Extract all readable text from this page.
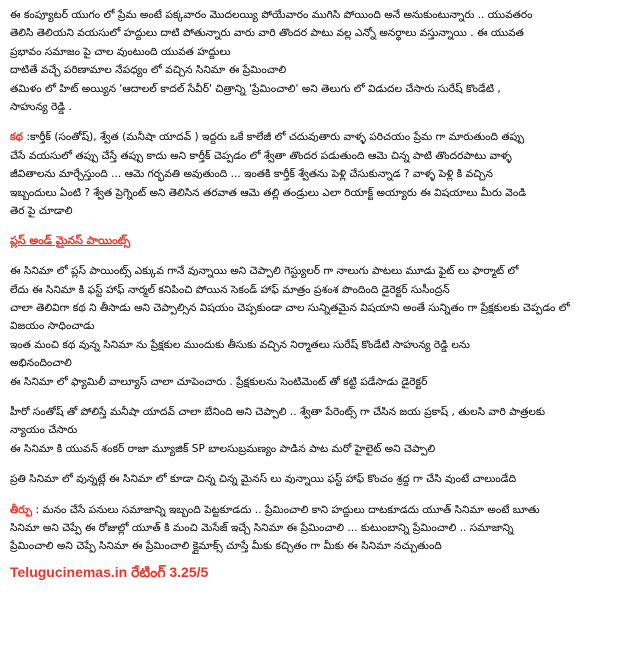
ఈ కంప్యూటర్ యుగం లో ప్రేమ అంటే పక్కవారం మొదలయ్యి పోయేవారం ముగిసి పోయింది అనే అనుకుంటున్నారు .. యువతరం
తెలిసి తెలియని వయసులో హద్దులు దాటి పోతున్నారు వారు వారి తొందర పాటు వల్ల ఎన్నో అనర్థాలు వస్తున్నాయి . ఈ యువత
ప్రభావం సమాజం పై చాల వుంటుంది యువత హద్దులు
దాటితే వచ్చే పరిణామాల నేపధ్యం లో వచ్చిన సినిమా ఈ ప్రేమించాలి
తమిళం లో హిట్ అయ్యిన 'ఆదాలల్ కాదల్ సేవీర్' చిత్రాన్ని 'ప్రేమించాలి' అని తెలుగు లో విడుదల చేసారు సురేష్ కొండేటి ,
సాహున్య రెడ్డి .
కథ :కార్తీక్ (సంతోష్), శ్వేత (మనీషా యాదవ్ ) ఇద్దరు ఒకే కాలేజీ లో చదువుతారు వాళ్ళ పరిచయం ప్రేమ గా మారుతుంది తప్పు
చేసే వయసులో తప్పు చేస్తే తప్పు కాదు అని కార్తీక్ చెప్పడం లో శ్వేతా తొందర పడుతుంది ఆమె చిన్న పాటి తొందరపాటు వాళ్ళ
జీవితాలను మార్చేస్తుంది ... ఆమె గర్భవతి అవుతుంది ... ఇంతకి కార్తీక్ శ్వేతను పెళ్లి చేసుకున్నాడ ? వాళ్ళ పెళ్లి కి వచ్చిన
ఇబ్బందులు ఏంటి ? శ్వేత ప్రెగ్నెంట్ అని తెలిసిన తరవాత ఆమె తల్లి తండ్రులు ఎలా రియాక్ట్ అయ్యారు ఈ విషయాలు మీరు వెండి
తెర పై చూడాలి
ప్లస్ అండ్ మైనస్ పాయింట్స్
ఈ సినిమా లో ప్లస్ పాయింట్స్ ఎక్కువ గానే వున్నాయి అని చెప్పాలి గెస్ట్యులర్ గా నాలుగు పాటలు మూడు ఫైట్ లు ఫార్మాట్ లో
లేదు ఈ సినిమా కి ఫస్ట్ హాఫ్ నార్మల్ కనిపించి పోయిన సెకండ్ హాఫ్ మాత్రం ప్రశంశ పొందింది డైరెక్టర్ సుసీంద్రన్
చాలా తెలివిగా కథ ని తీసాడు అని చెప్పాల్సిన విషయం చెప్పకుండా చాల సున్నితమైన విషయాని అంతే సున్నితం గా ప్రేక్షకులకు చెప్పడం లో
విజయం సాధించాడు
ఇంత మంచి కథ వున్న సినిమా ను ప్రేక్షకుల ముందుకు తీసుకు వచ్చిన నిర్మాతలు సురేష్ కొండేటి సాహున్య రెడ్డి లను
అభినందించాలి
ఈ సినిమా లో ఫ్యామిలీ వాల్యూస్ చాలా చూపెంచారు . ప్రేక్షకులను సెంటిమెంట్ తో కట్టి పడేసాడు డైరెక్టర్
హీరో సంతోష్ తో పోలిస్తే మనీషా యాదవ్ చాలా బేనింది అని చెప్పాలి .. శ్వేతా పేరెంట్స్ గా చేసిన జయ ప్రకాష్ , తులసి వారి పాత్రలకు
న్యాయం చేసారు
ఈ సినిమా కి యువన్ శంకర్ రాజా మ్యూజిక్ SP బాలసుబ్రమణ్యం పాడిన పాట మరో హైలైట్ అని చెప్పాలి
ప్రతి సినిమా లో వున్నట్లే ఈ సినిమా లో కూడా చిన్న చిన్న మైనస్ లు వున్నాయి ఫస్ట్ హాఫ్ కొంచం శ్రద్ద గా చేసి వుంటే చాలుండేది
తీర్పు : మనం చేసే పనులు సమాజాన్ని ఇబ్బంది పెట్టకూడదు .. ప్రేమించాలి కాని హద్దులు దాటకూడదు యూత్ సినిమా అంటే బూతు
సినిమా అని చెప్పే ఈ రోజుల్లో యూత్ కి మంచి మెసేజ్ ఇచ్చే సినిమా ఈ ప్రేమించాలి ... కుటుంబాన్ని ప్రేమించాలి .. సమాజాన్ని
ప్రేమించాలి అని చెప్పే సినిమా ఈ ప్రేమించాలి క్లైమాక్స్ చూస్తే మీకు కచ్చితం గా మీకు ఈ సినిమా నచ్చుతుంది
Telugucinemas.in రేటింగ్ 3.25/5
